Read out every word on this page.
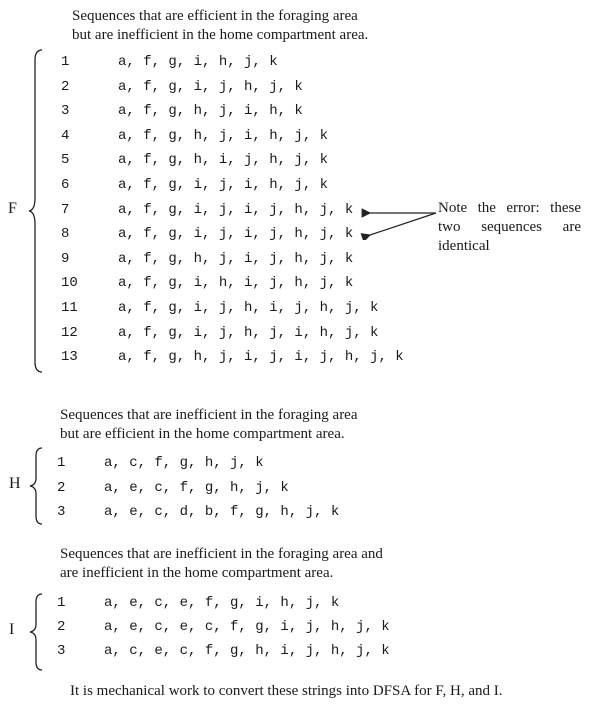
Sequences that are efficient in the foraging area
but are inefficient in the home compartment area.
F
1	a, f, g, i, h, j, k
2	a, f, g, i, j, h, j, k
3	a, f, g, h, j, i, h, k
4	a, f, g, h, j, i, h, j, k
5	a, f, g, h, i, j, h, j, k
6	a, f, g, i, j, i, h, j, k
7	a, f, g, i, j, i, j, h, j, k
8	a, f, g, i, j, i, j, h, j, k
9	a, f, g, h, j, i, j, h, j, k
10	a, f, g, i, h, i, j, h, j, k
11	a, f, g, i, j, h, i, j, h, j, k
12	a, f, g, i, j, h, j, i, h, j, k
13	a, f, g, h, j, i, j, i, j, h, j, k
Note the error: these two sequences are identical
Sequences that are inefficient in the foraging area
but are efficient in the home compartment area.
H
1	a, c, f, g, h, j, k
2	a, e, c, f, g, h, j, k
3	a, e, c, d, b, f, g, h, j, k
Sequences that are inefficient in the foraging area and
are inefficient in the home compartment area.
I
1	a, e, c, e, f, g, i, h, j, k
2	a, e, c, e, c, f, g, i, j, h, j, k
3	a, c, e, c, f, g, h, i, j, h, j, k
It is mechanical work to convert these strings into DFSA for F, H, and I.
